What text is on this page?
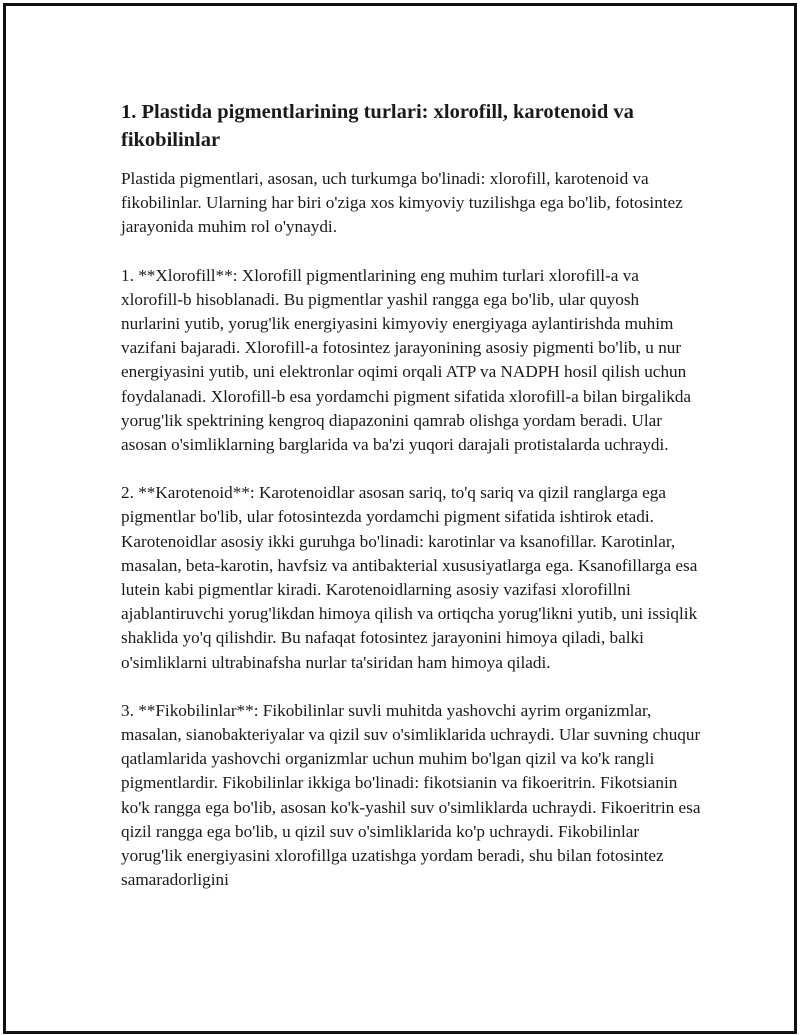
1. Plastida pigmentlarining turlari: xlorofill, karotenoid va fikobilinlar

Plastida pigmentlari, asosan, uch turkumga bo'linadi: xlorofill, karotenoid va fikobilinlar. Ularning har biri o'ziga xos kimyoviy tuzilishga ega bo'lib, fotosintez jarayonida muhim rol o'ynaydi.

1. **Xlorofill**: Xlorofill pigmentlarining eng muhim turlari xlorofill-a va xlorofill-b hisoblanadi. Bu pigmentlar yashil rangga ega bo'lib, ular quyosh nurlarini yutib, yorug'lik energiyasini kimyoviy energiyaga aylantirishda muhim vazifani bajaradi. Xlorofill-a fotosintez jarayonining asosiy pigmenti bo'lib, u nur energiyasini yutib, uni elektronlar oqimi orqali ATP va NADPH hosil qilish uchun foydalanadi. Xlorofill-b esa yordamchi pigment sifatida xlorofill-a bilan birgalikda yorug'lik spektrining kengroq diapazonini qamrab olishga yordam beradi. Ular asosan o'simliklarning barglarida va ba'zi yuqori darajali protistalarda uchraydi.

2. **Karotenoid**: Karotenoidlar asosan sariq, to'q sariq va qizil ranglarga ega pigmentlar bo'lib, ular fotosintezda yordamchi pigment sifatida ishtirok etadi. Karotenoidlar asosiy ikki guruhga bo'linadi: karotinlar va ksanofillar. Karotinlar, masalan, beta-karotin, havfsiz va antibakterial xususiyatlarga ega. Ksanofillarga esa lutein kabi pigmentlar kiradi. Karotenoidlarning asosiy vazifasi xlorofillni ajablantiruvchi yorug'likdan himoya qilish va ortiqcha yorug'likni yutib, uni issiqlik shaklida yo'q qilishdir. Bu nafaqat fotosintez jarayonini himoya qiladi, balki o'simliklarni ultrabinafsha nurlar ta'siridan ham himoya qiladi.

3. **Fikobilinlar**: Fikobilinlar suvli muhitda yashovchi ayrim organizmlar, masalan, sianobakteriyalar va qizil suv o'simliklarida uchraydi. Ular suvning chuqur qatlamlarida yashovchi organizmlar uchun muhim bo'lgan qizil va ko'k rangli pigmentlardir. Fikobilinlar ikkiga bo'linadi: fikotsianin va fikoeritrin. Fikotsianin ko'k rangga ega bo'lib, asosan ko'k-yashil suv o'simliklarda uchraydi. Fikoeritrin esa qizil rangga ega bo'lib, u qizil suv o'simliklarida ko'p uchraydi. Fikobilinlar yorug'lik energiyasini xlorofillga uzatishga yordam beradi, shu bilan fotosintez samaradorligini
